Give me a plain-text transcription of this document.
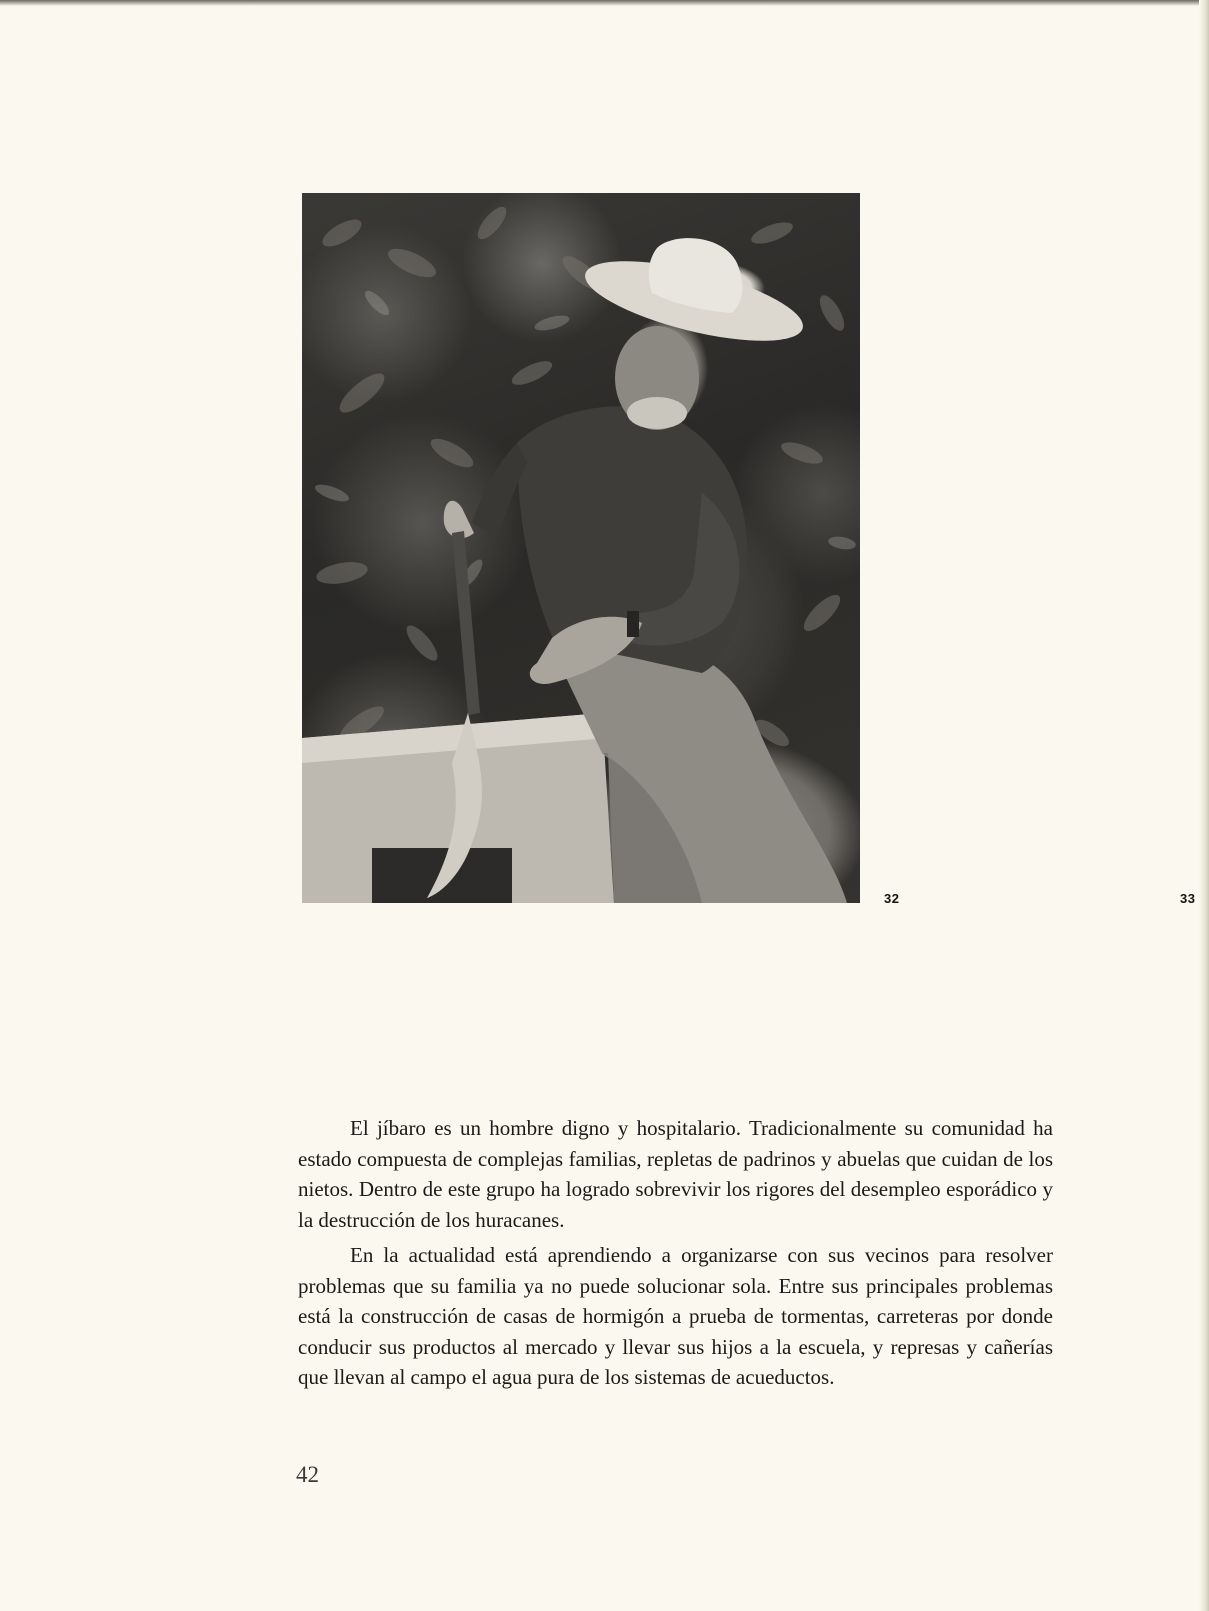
32	33

El jíbaro es un hombre digno y hospitalario. Tradicionalmente su comunidad ha estado compuesta de complejas familias, repletas de padrinos y abuelas que cuidan de los nietos. Dentro de este grupo ha logrado sobrevivir los rigores del desempleo esporádico y la destrucción de los huracanes.

En la actualidad está aprendiendo a organizarse con sus vecinos para resolver problemas que su familia ya no puede solucionar sola. Entre sus principales problemas está la construcción de casas de hormigón a prueba de tormentas, carreteras por donde conducir sus productos al mercado y llevar sus hijos a la escuela, y represas y cañerías que llevan al campo el agua pura de los sistemas de acueductos.

42
